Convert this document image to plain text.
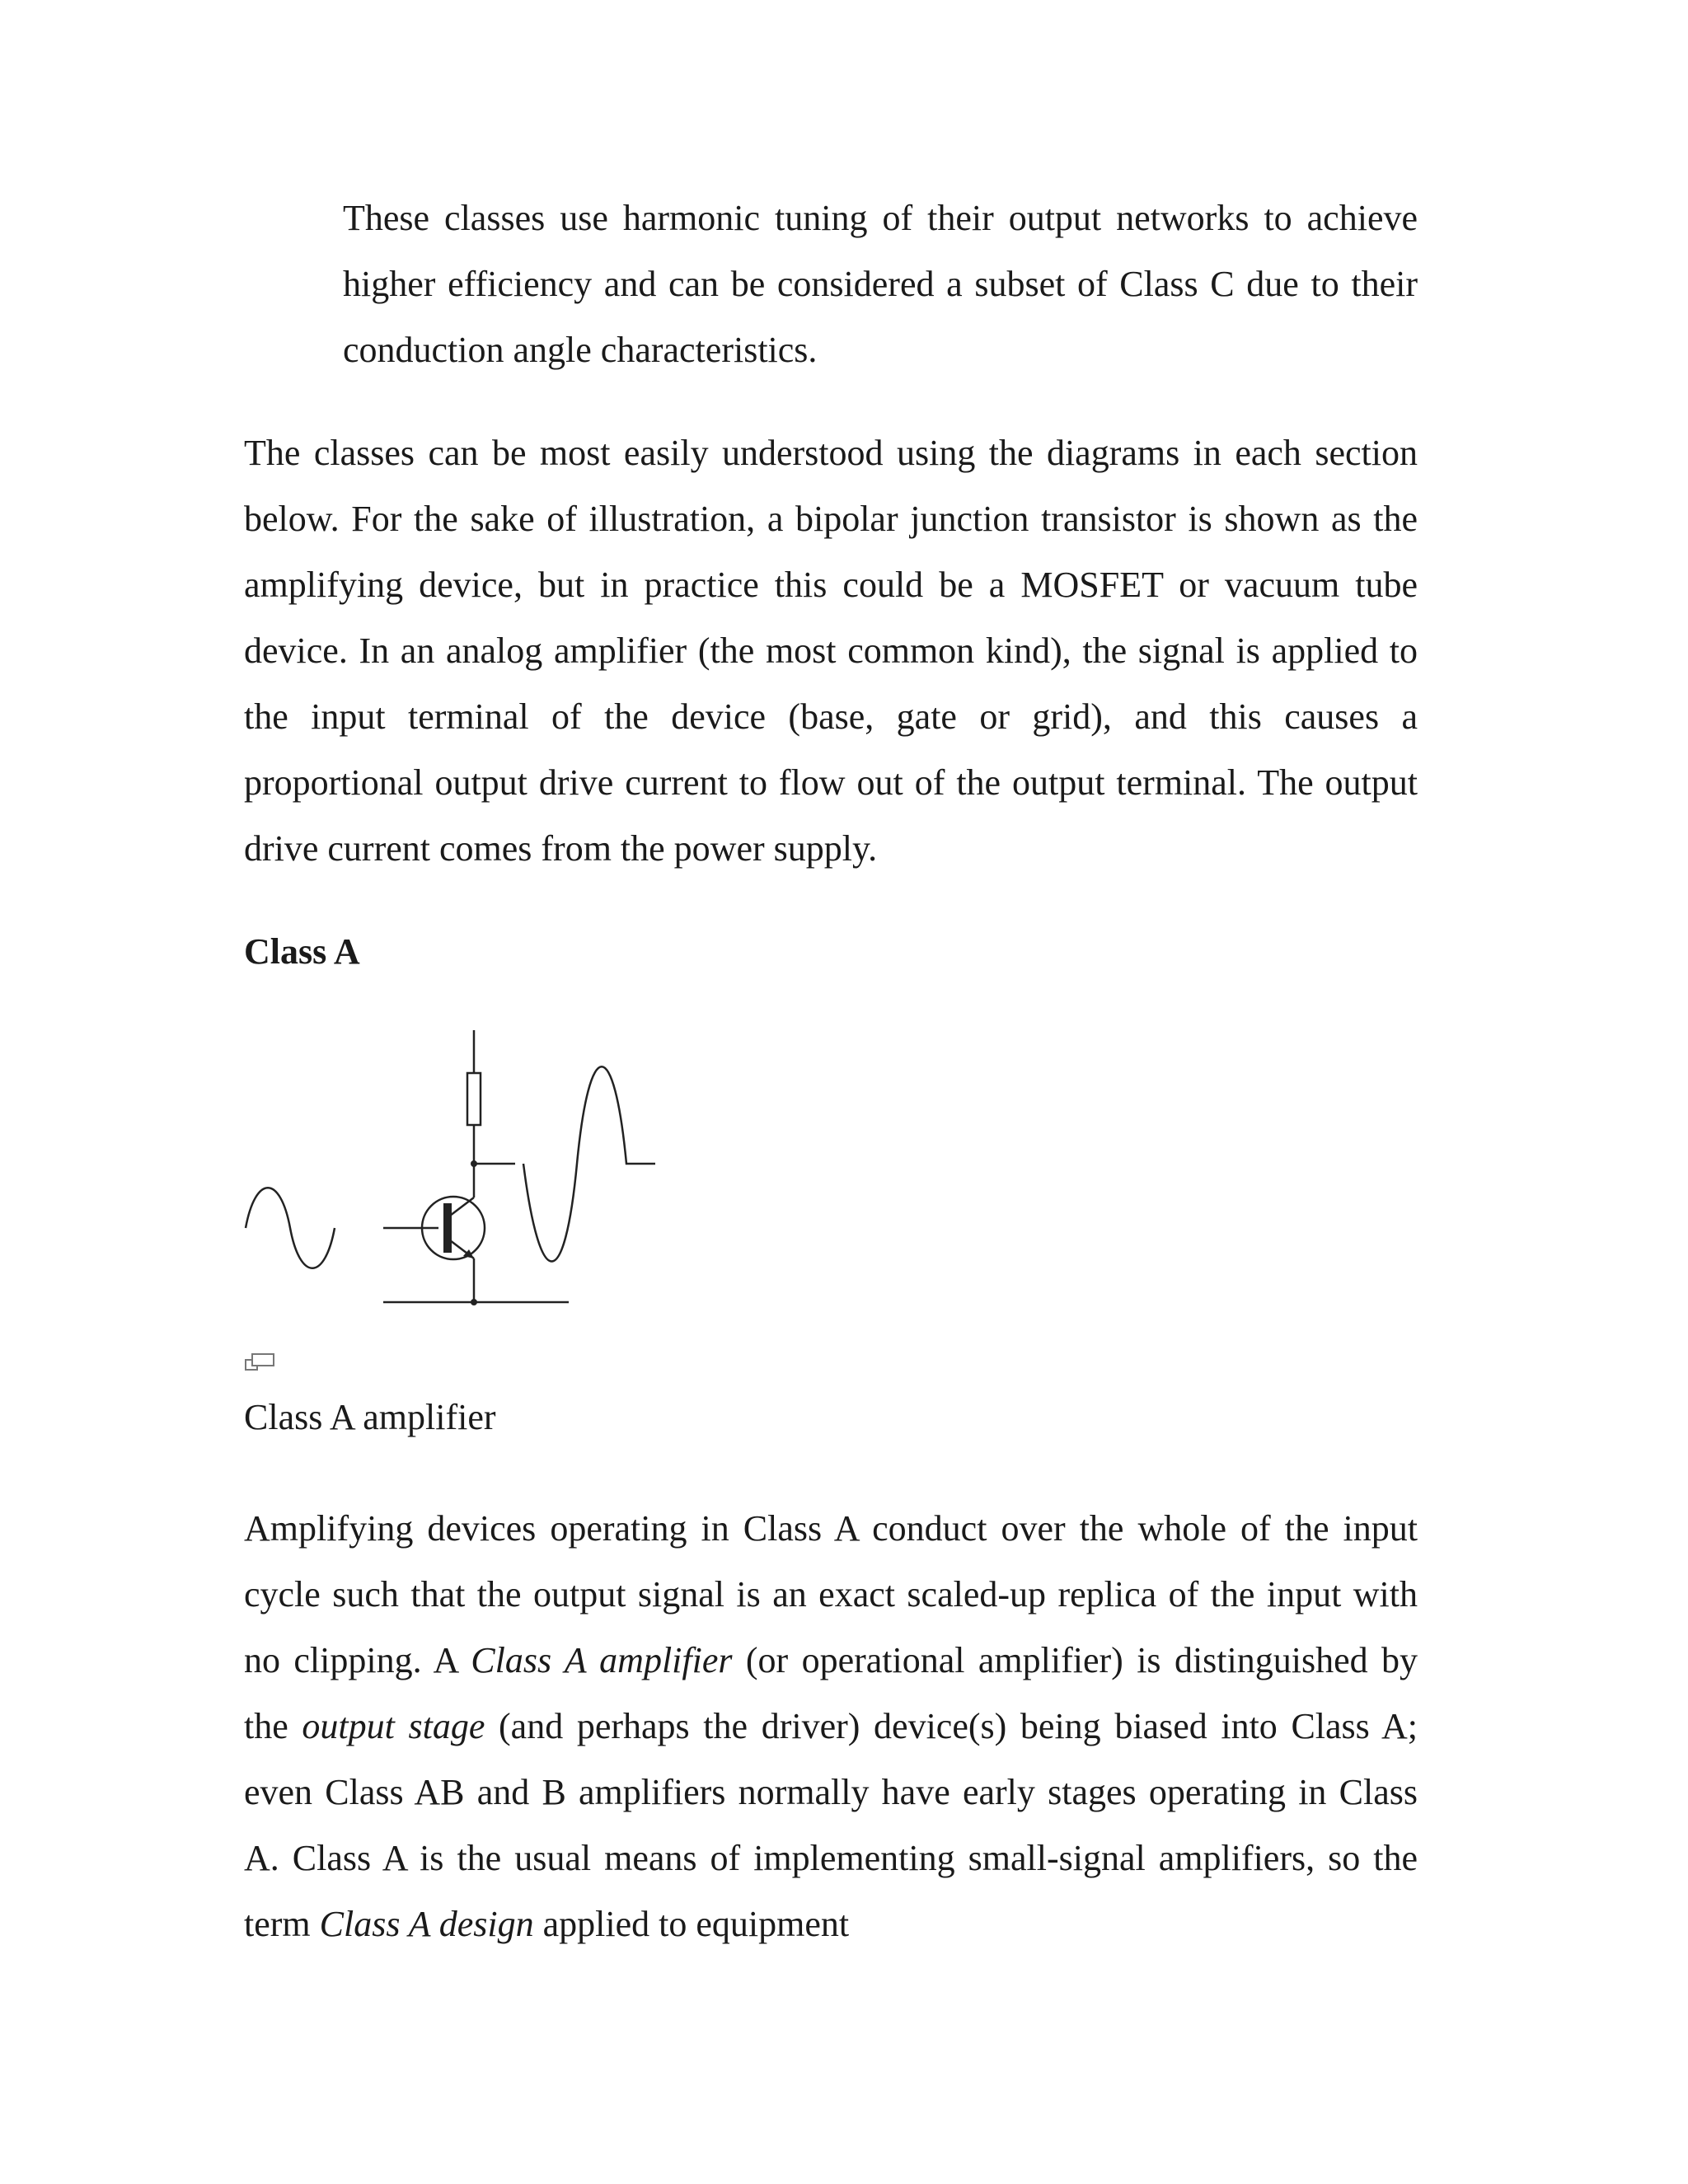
These classes use harmonic tuning of their output networks to achieve higher efficiency and can be considered a subset of Class C due to their conduction angle characteristics.

The classes can be most easily understood using the diagrams in each section below. For the sake of illustration, a bipolar junction transistor is shown as the amplifying device, but in practice this could be a MOSFET or vacuum tube device. In an analog amplifier (the most common kind), the signal is applied to the input terminal of the device (base, gate or grid), and this causes a proportional output drive current to flow out of the output terminal. The output drive current comes from the power supply.

Class A

Class A amplifier

Amplifying devices operating in Class A conduct over the whole of the input cycle such that the output signal is an exact scaled-up replica of the input with no clipping. A Class A amplifier (or operational amplifier) is distinguished by the output stage (and perhaps the driver) device(s) being biased into Class A; even Class AB and B amplifiers normally have early stages operating in Class A. Class A is the usual means of implementing small-signal amplifiers, so the term Class A design applied to equipment
